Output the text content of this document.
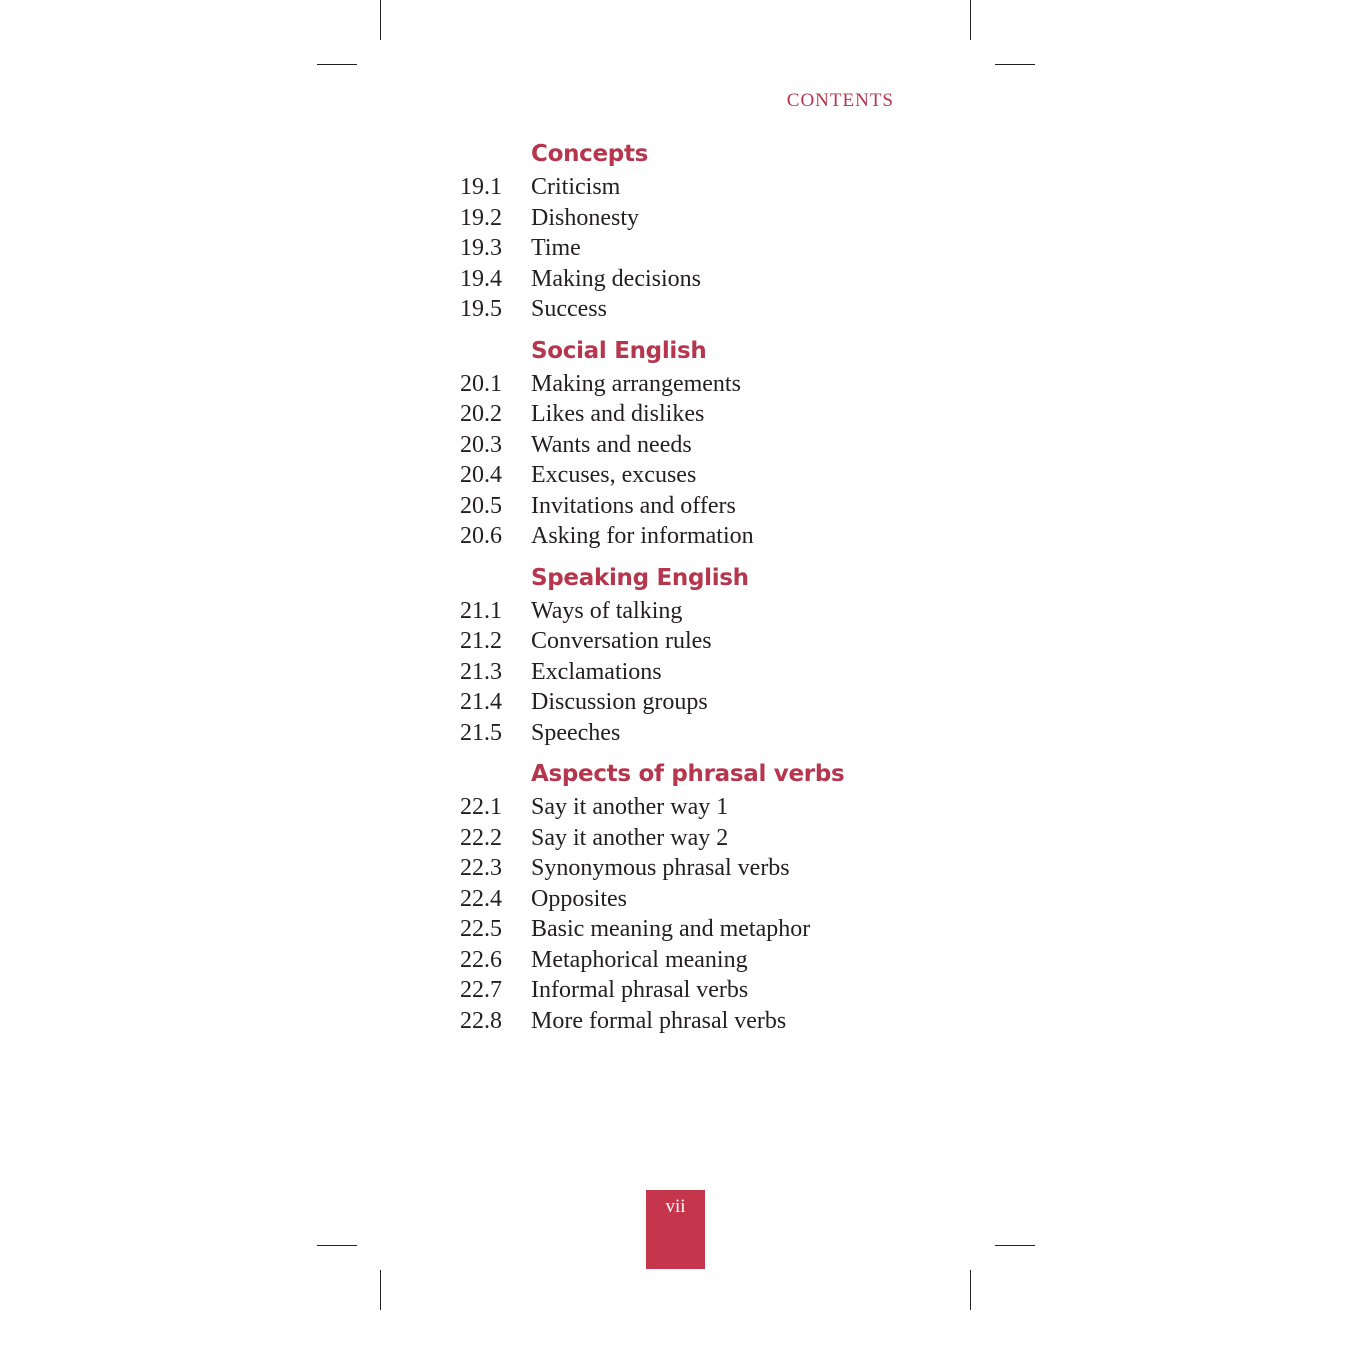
CONTENTS
Concepts
19.1	Criticism
19.2	Dishonesty
19.3	Time
19.4	Making decisions
19.5	Success
Social English
20.1	Making arrangements
20.2	Likes and dislikes
20.3	Wants and needs
20.4	Excuses, excuses
20.5	Invitations and offers
20.6	Asking for information
Speaking English
21.1	Ways of talking
21.2	Conversation rules
21.3	Exclamations
21.4	Discussion groups
21.5	Speeches
Aspects of phrasal verbs
22.1	Say it another way 1
22.2	Say it another way 2
22.3	Synonymous phrasal verbs
22.4	Opposites
22.5	Basic meaning and metaphor
22.6	Metaphorical meaning
22.7	Informal phrasal verbs
22.8	More formal phrasal verbs
vii
